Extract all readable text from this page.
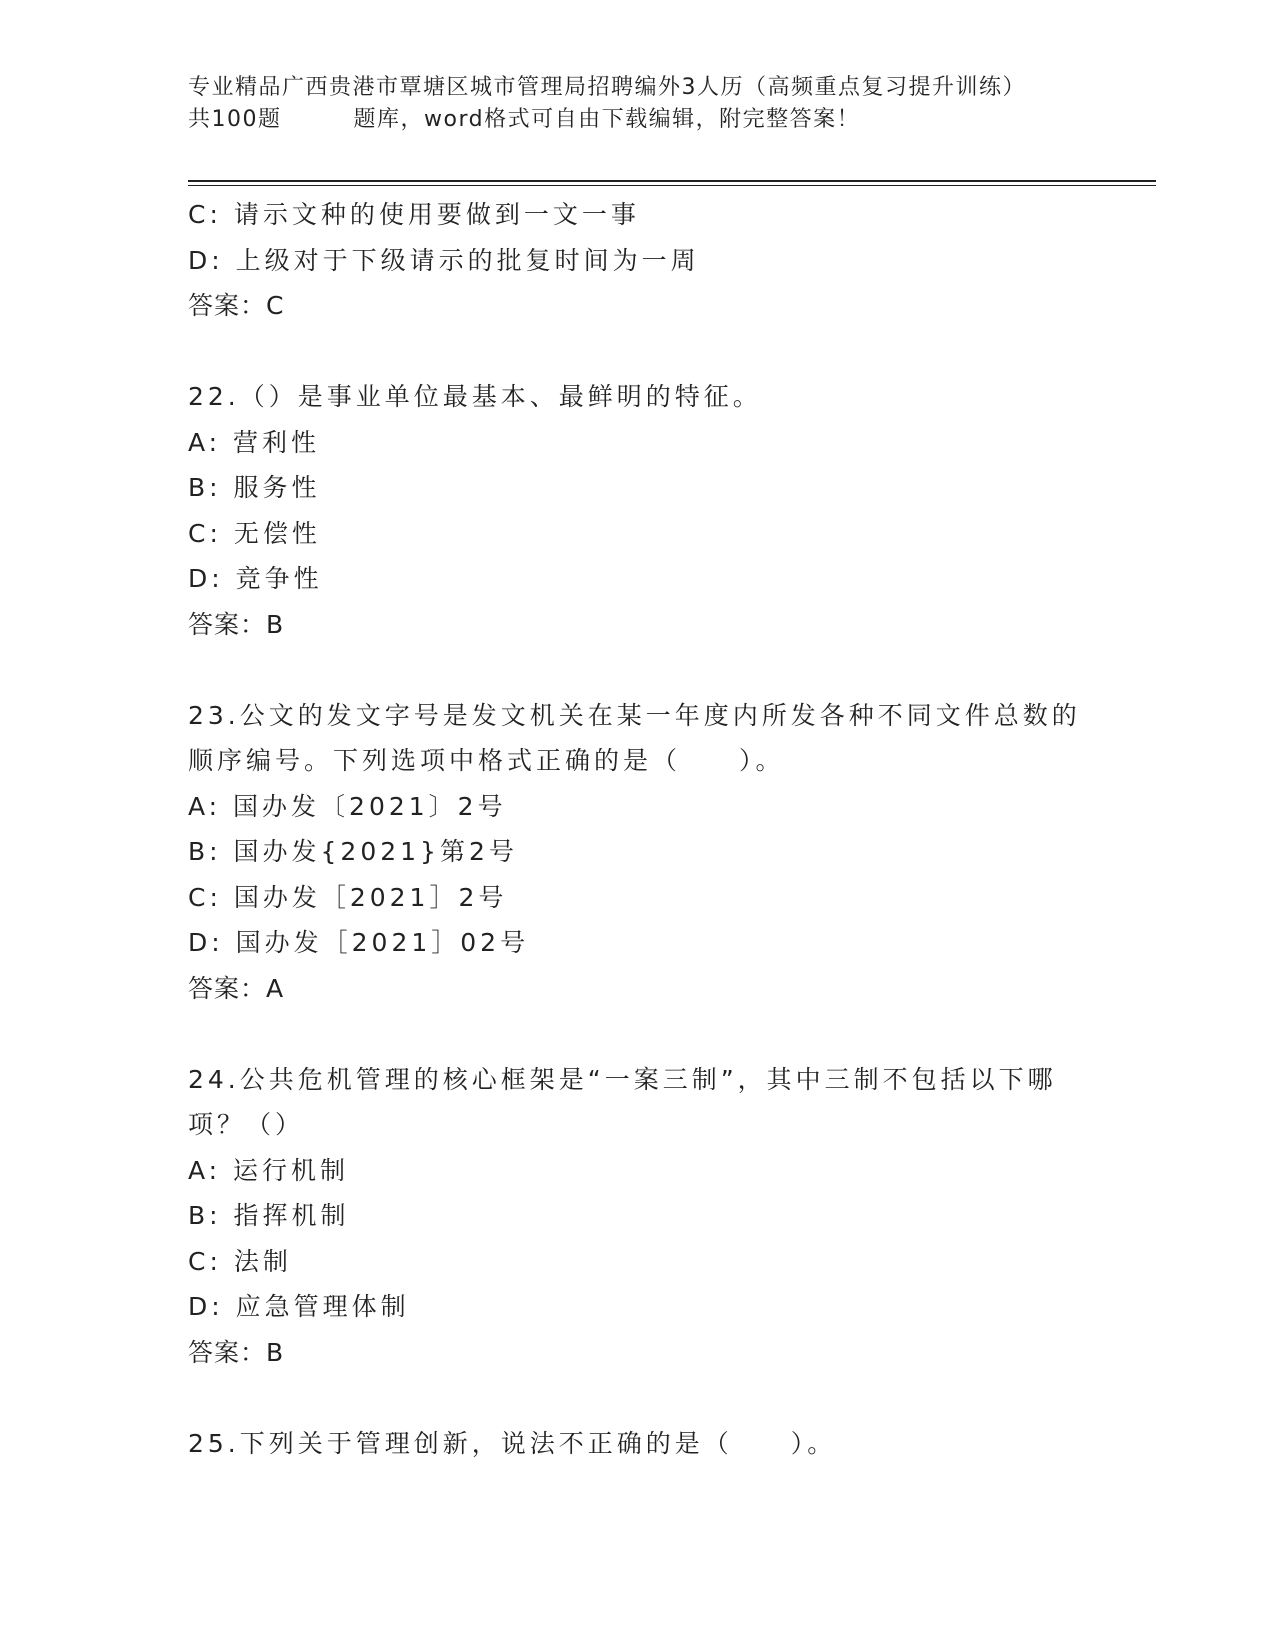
专业精品广西贵港市覃塘区城市管理局招聘编外3人历（高频重点复习提升训练）
共100题	题库，word格式可自由下载编辑，附完整答案！
C: 请示文种的使用要做到一文一事
D: 上级对于下级请示的批复时间为一周
答案：C
22.（）是事业单位最基本、最鲜明的特征。
A: 营利性
B: 服务性
C: 无偿性
D: 竞争性
答案：B
23.公文的发文字号是发文机关在某一年度内所发各种不同文件总数的
顺序编号。下列选项中格式正确的是（　　）。
A: 国办发〔2021〕2号
B: 国办发{2021}第2号
C: 国办发［2021］2号
D: 国办发［2021］02号
答案：A
24.公共危机管理的核心框架是“一案三制”，其中三制不包括以下哪
项？（）
A: 运行机制
B: 指挥机制
C: 法制
D: 应急管理体制
答案：B
25.下列关于管理创新，说法不正确的是（　　）。
